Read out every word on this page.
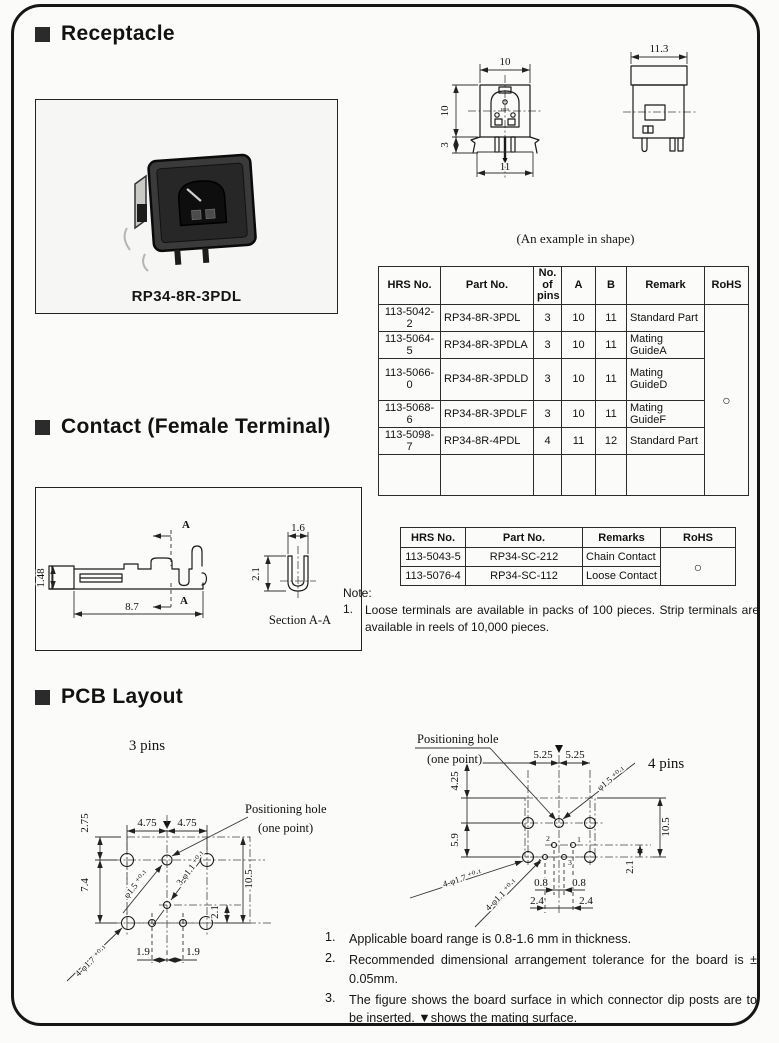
Receptacle
RP34-8R-3PDL
HRS
10
10
3
11
11.3
(An example in shape)
HRS No.	Part No.	No. of pins	A	B	Remark	RoHS
113-5042-2	RP34-8R-3PDL	3	10	11	Standard Part	○
113-5064-5	RP34-8R-3PDLA	3	10	11	Mating GuideA	
113-5066-0	RP34-8R-3PDLD	3	10	11	Mating GuideD	
113-5068-6	RP34-8R-3PDLF	3	10	11	Mating GuideF	
113-5098-7	RP34-8R-4PDL	4	11	12	Standard Part	

Contact (Female Terminal)
A
A
1.48
8.7
1.6
2.1
Section A-A
HRS No.	Part No.	Remarks	RoHS
113-5043-5	RP34-SC-212	Chain Contact	○
113-5076-4	RP34-SC-112	Loose Contact	
Note:
1. Loose terminals are available in packs of 100 pieces. Strip terminals are available in reels of 10,000 pieces.
PCB Layout
3 pins
2.75
7.4
2.1
10.5
1.9	1.9
4.75 4.75
Positioning hole
(one point)
φ1.5 ⁺⁰·¹	3-φ1.1 ⁺⁰·¹
4-φ1.7 ⁺⁰·¹
2	1
4	3
5.25 5.25
4.25
5.9
10.5
2.1
0.8 0.8
2.4	2.4
Positioning hole
(one point)
φ1.5 ⁺⁰·¹
4-φ1.7 ⁺⁰·¹ 4-φ1.1 ⁺⁰·¹
4 pins
1.	Applicable board range is 0.8-1.6 mm in thickness.
2.	Recommended dimensional arrangement tolerance for the board is ± 0.05mm.
3.	The figure shows the board surface in which connector dip posts are to be inserted. ▼shows the mating surface.
